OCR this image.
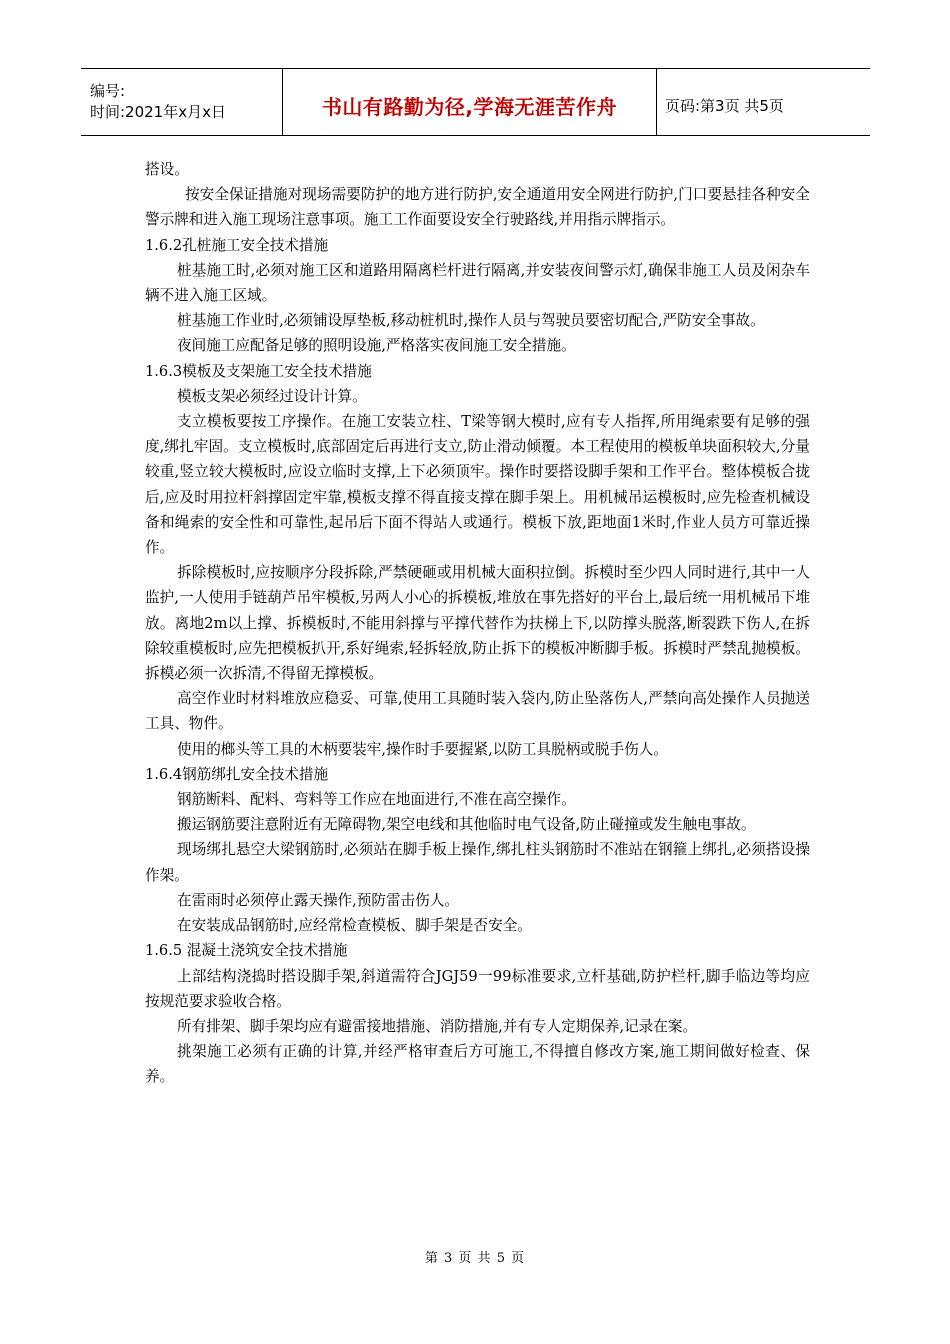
编号:
时间:2021年x月x日	书山有路勤为径,学海无涯苦作舟	页码:第3页 共5页

搭设。

按安全保证措施对现场需要防护的地方进行防护,安全通道用安全网进行防护,门口要悬挂各种安全警示牌和进入施工现场注意事项。施工工作面要设安全行驶路线,并用指示牌指示。

1.6.2孔桩施工安全技术措施

桩基施工时,必须对施工区和道路用隔离栏杆进行隔离,并安装夜间警示灯,确保非施工人员及闲杂车辆不进入施工区域。

桩基施工作业时,必须铺设厚垫板,移动桩机时,操作人员与驾驶员要密切配合,严防安全事故。

夜间施工应配备足够的照明设施,严格落实夜间施工安全措施。

1.6.3模板及支架施工安全技术措施

模板支架必须经过设计计算。

支立模板要按工序操作。在施工安装立柱、T梁等钢大模时,应有专人指挥,所用绳索要有足够的强度,绑扎牢固。支立模板时,底部固定后再进行支立,防止滑动倾覆。本工程使用的模板单块面积较大,分量较重,竖立较大模板时,应设立临时支撑,上下必须顶牢。操作时要搭设脚手架和工作平台。整体模板合拢后,应及时用拉杆斜撑固定牢靠,模板支撑不得直接支撑在脚手架上。用机械吊运模板时,应先检查机械设备和绳索的安全性和可靠性,起吊后下面不得站人或通行。模板下放,距地面1米时,作业人员方可靠近操作。

拆除模板时,应按顺序分段拆除,严禁硬砸或用机械大面积拉倒。拆模时至少四人同时进行,其中一人监护,一人使用手链葫芦吊牢模板,另两人小心的拆模板,堆放在事先搭好的平台上,最后统一用机械吊下堆放。离地2m以上撑、拆模板时,不能用斜撑与平撑代替作为扶梯上下,以防撑头脱落,断裂跌下伤人,在拆除较重模板时,应先把模板扒开,系好绳索,轻拆轻放,防止拆下的模板冲断脚手板。拆模时严禁乱抛模板。拆模必须一次拆清,不得留无撑模板。

高空作业时材料堆放应稳妥、可靠,使用工具随时装入袋内,防止坠落伤人,严禁向高处操作人员抛送工具、物件。

使用的榔头等工具的木柄要装牢,操作时手要握紧,以防工具脱柄或脱手伤人。

1.6.4钢筋绑扎安全技术措施

钢筋断料、配料、弯料等工作应在地面进行,不准在高空操作。

搬运钢筋要注意附近有无障碍物,架空电线和其他临时电气设备,防止碰撞或发生触电事故。

现场绑扎悬空大梁钢筋时,必须站在脚手板上操作,绑扎柱头钢筋时不准站在钢箍上绑扎,必须搭设操作架。

在雷雨时必须停止露天操作,预防雷击伤人。

在安装成品钢筋时,应经常检查模板、脚手架是否安全。

1.6.5 混凝土浇筑安全技术措施

上部结构浇捣时搭设脚手架,斜道需符合JGJ59一99标准要求,立杆基础,防护栏杆,脚手临边等均应按规范要求验收合格。

所有排架、脚手架均应有避雷接地措施、消防措施,并有专人定期保养,记录在案。

挑架施工必须有正确的计算,并经严格审查后方可施工,不得擅自修改方案,施工期间做好检查、保养。

第 3 页 共 5 页
